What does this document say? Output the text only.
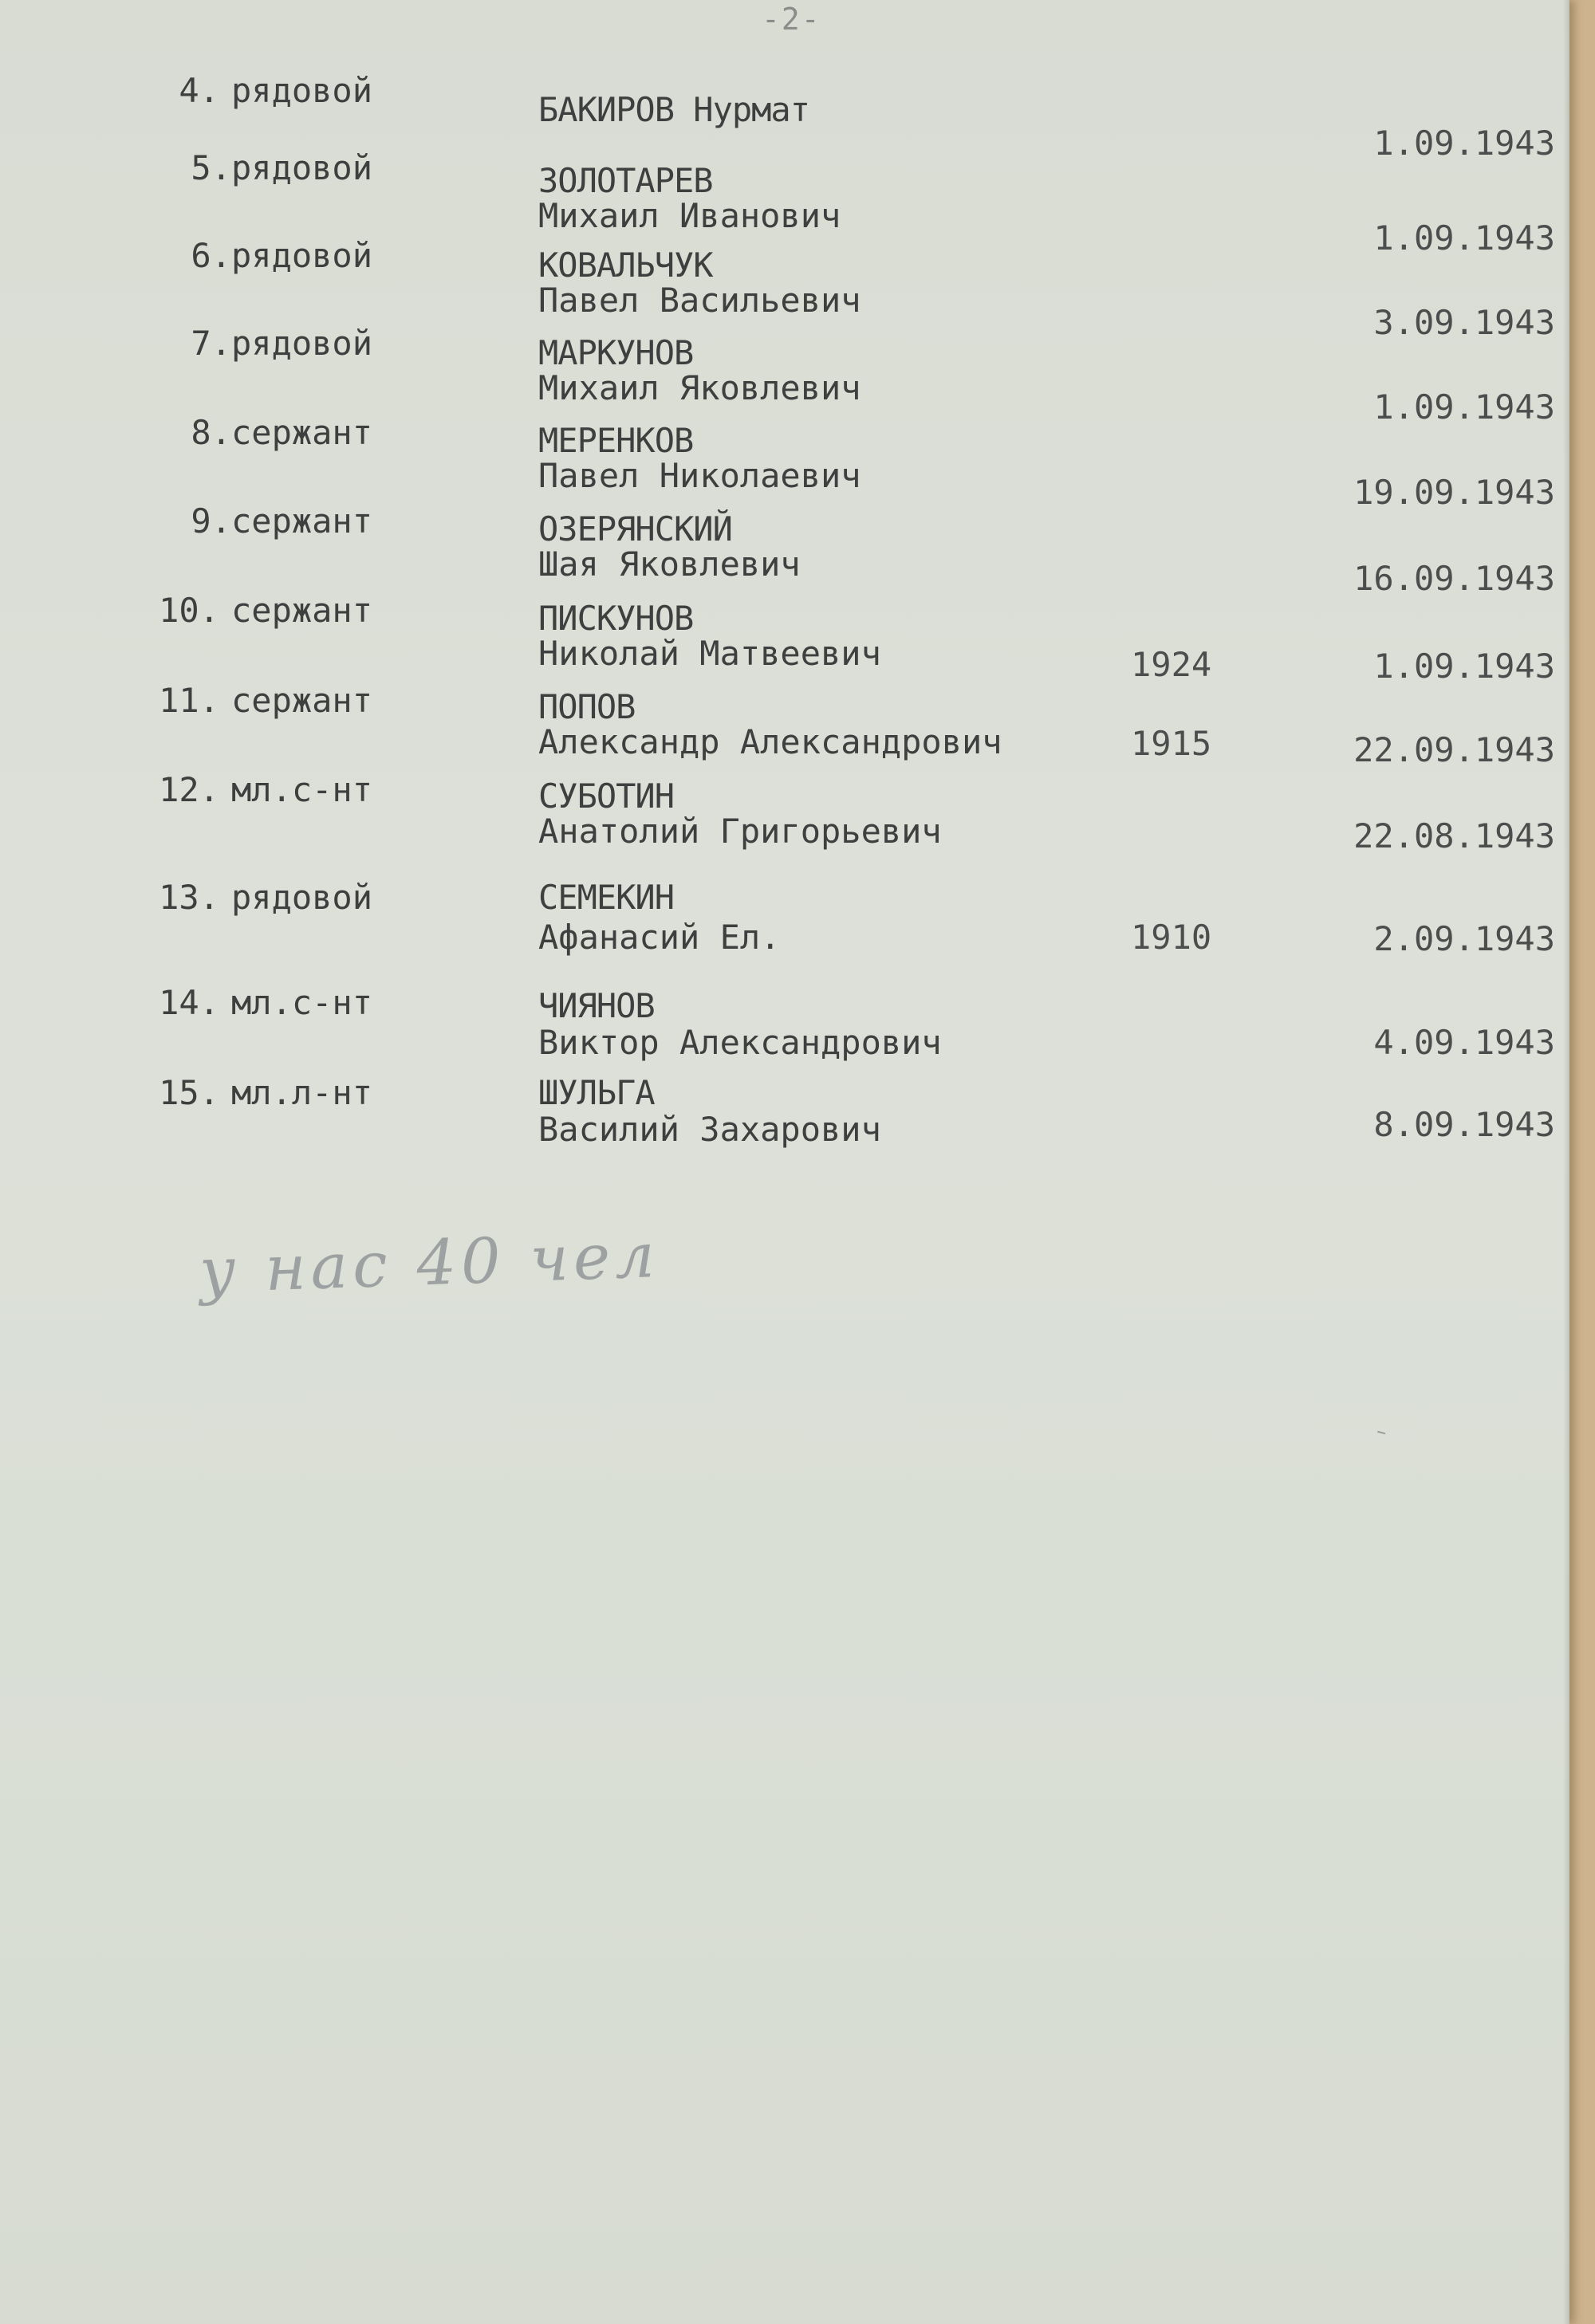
-2-
4. рядовой	БАКИРОВ Нурмат
1.09.1943
5. рядовой	ЗОЛОТАРЕВ
Михаил Иванович
1.09.1943
6. рядовой	КОВАЛЬЧУК
Павел Васильевич
3.09.1943
7. рядовой	МАРКУНОВ
Михаил Яковлевич	1.09.1943
8. сержант	МЕРЕНКОВ
Павел Николаевич	19.09.1943
9. сержант	ОЗЕРЯНСКИЙ
Шая Яковлевич	16.09.1943
10. сержант	ПИСКУНОВ
Николай Матвеевич	1924	1.09.1943
11. сержант	ПОПОВ
Александр Александрович	1915	22.09.1943
12. мл.с-нт	СУБОТИН
Анатолий Григорьевич	22.08.1943
13. рядовой	СЕМЕКИН
Афанасий Ел.	1910	2.09.1943
14. мл.с-нт	ЧИЯНОВ
Виктор Александрович	4.09.1943
15. мл.л-нт	ШУЛЬГА
Василий Захарович	8.09.1943
у нас 40 чел
